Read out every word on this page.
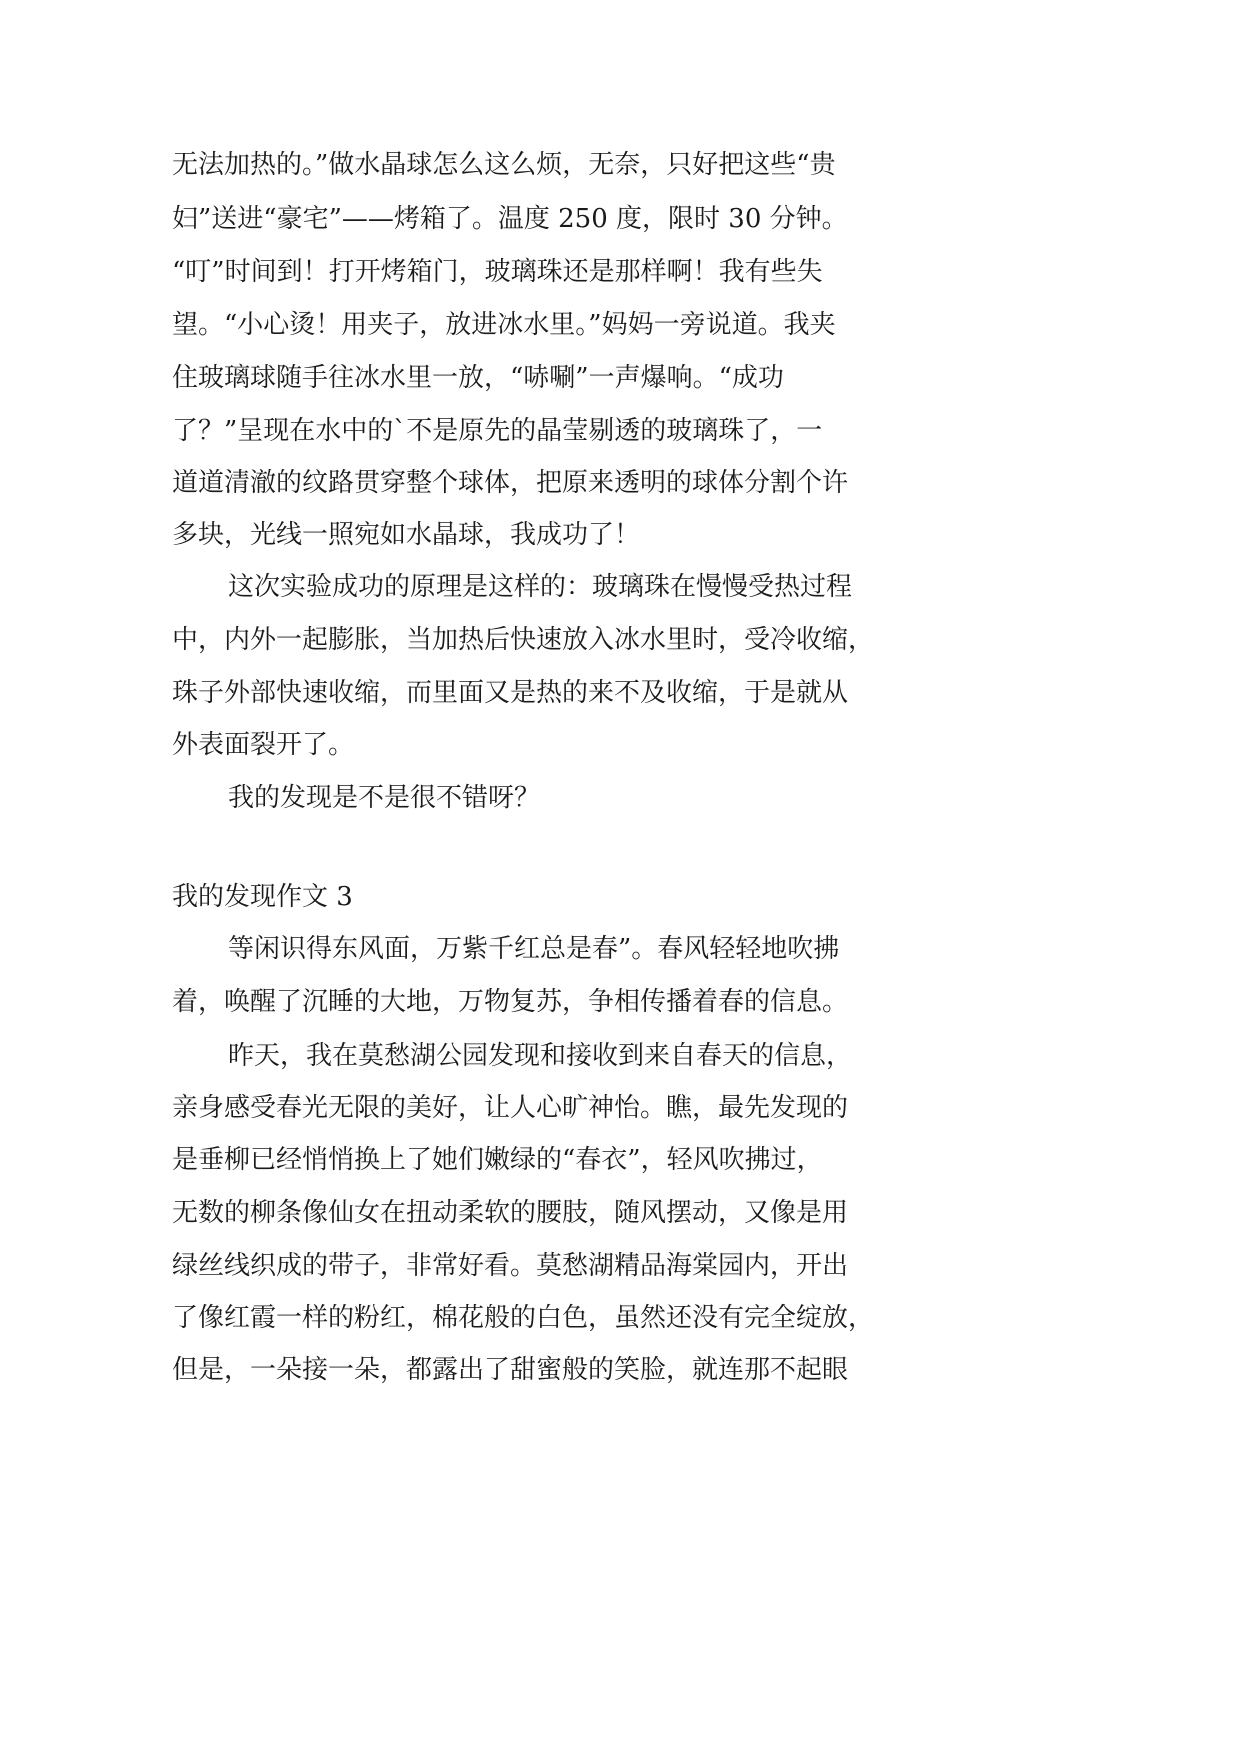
无法加热的。”做水晶球怎么这么烦，无奈，只好把这些“贵
妇”送进“豪宅”——烤箱了。温度 250 度，限时 30 分钟。
“叮”时间到！打开烤箱门，玻璃珠还是那样啊！我有些失
望。“小心烫！用夹子，放进冰水里。”妈妈一旁说道。我夹
住玻璃球随手往冰水里一放，“哧唰”一声爆响。“成功
了？”呈现在水中的`不是原先的晶莹剔透的玻璃珠了，一
道道清澈的纹路贯穿整个球体，把原来透明的球体分割个许
多块，光线一照宛如水晶球，我成功了！
这次实验成功的原理是这样的：玻璃珠在慢慢受热过程
中，内外一起膨胀，当加热后快速放入冰水里时，受冷收缩，
珠子外部快速收缩，而里面又是热的来不及收缩，于是就从
外表面裂开了。
我的发现是不是很不错呀？
我的发现作文 3
等闲识得东风面，万紫千红总是春”。春风轻轻地吹拂
着，唤醒了沉睡的大地，万物复苏，争相传播着春的信息。
昨天，我在莫愁湖公园发现和接收到来自春天的信息，
亲身感受春光无限的美好，让人心旷神怡。瞧，最先发现的
是垂柳已经悄悄换上了她们嫩绿的“春衣”，轻风吹拂过，
无数的柳条像仙女在扭动柔软的腰肢，随风摆动，又像是用
绿丝线织成的带子，非常好看。莫愁湖精品海棠园内，开出
了像红霞一样的粉红，棉花般的白色，虽然还没有完全绽放，
但是，一朵接一朵，都露出了甜蜜般的笑脸，就连那不起眼
